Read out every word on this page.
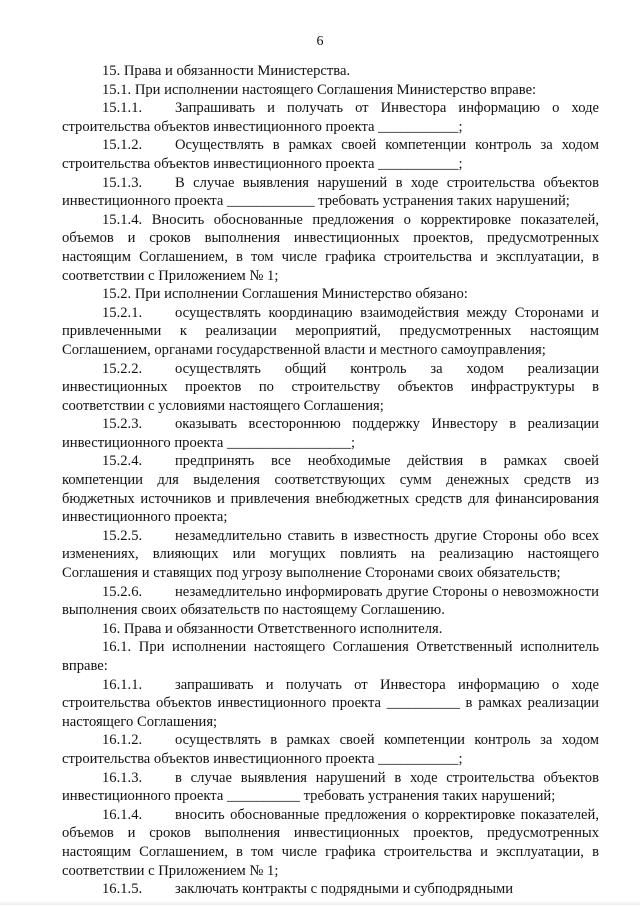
6

15. Права и обязанности Министерства.

15.1. При исполнении настоящего Соглашения Министерство вправе:

15.1.1. Запрашивать и получать от Инвестора информацию о ходе строительства объектов инвестиционного проекта ___________;

15.1.2. Осуществлять в рамках своей компетенции контроль за ходом строительства объектов инвестиционного проекта ___________;

15.1.3. В случае выявления нарушений в ходе строительства объектов инвестиционного проекта ____________ требовать устранения таких нарушений;

15.1.4. Вносить обоснованные предложения о корректировке показателей, объемов и сроков выполнения инвестиционных проектов, предусмотренных настоящим Соглашением, в том числе графика строительства и эксплуатации, в соответствии с Приложением № 1;

15.2. При исполнении Соглашения Министерство обязано:

15.2.1. осуществлять координацию взаимодействия между Сторонами и привлеченными к реализации мероприятий, предусмотренных настоящим Соглашением, органами государственной власти и местного самоуправления;

15.2.2. осуществлять общий контроль за ходом реализации инвестиционных проектов по строительству объектов инфраструктуры в соответствии с условиями настоящего Соглашения;

15.2.3. оказывать всестороннюю поддержку Инвестору в реализации инвестиционного проекта _________________;

15.2.4. предпринять все необходимые действия в рамках своей компетенции для выделения соответствующих сумм денежных средств из бюджетных источников и привлечения внебюджетных средств для финансирования инвестиционного проекта;

15.2.5. незамедлительно ставить в известность другие Стороны обо всех изменениях, влияющих или могущих повлиять на реализацию настоящего Соглашения и ставящих под угрозу выполнение Сторонами своих обязательств;

15.2.6. незамедлительно информировать другие Стороны о невозможности выполнения своих обязательств по настоящему Соглашению.

16. Права и обязанности Ответственного исполнителя.

16.1. При исполнении настоящего Соглашения Ответственный исполнитель вправе:

16.1.1. запрашивать и получать от Инвестора информацию о ходе строительства объектов инвестиционного проекта __________ в рамках реализации настоящего Соглашения;

16.1.2. осуществлять в рамках своей компетенции контроль за ходом строительства объектов инвестиционного проекта ___________;

16.1.3. в случае выявления нарушений в ходе строительства объектов инвестиционного проекта __________ требовать устранения таких нарушений;

16.1.4. вносить обоснованные предложения о корректировке показателей, объемов и сроков выполнения инвестиционных проектов, предусмотренных настоящим Соглашением, в том числе графика строительства и эксплуатации, в соответствии с Приложением № 1;

16.1.5. заключать контракты с подрядными и субподрядными
